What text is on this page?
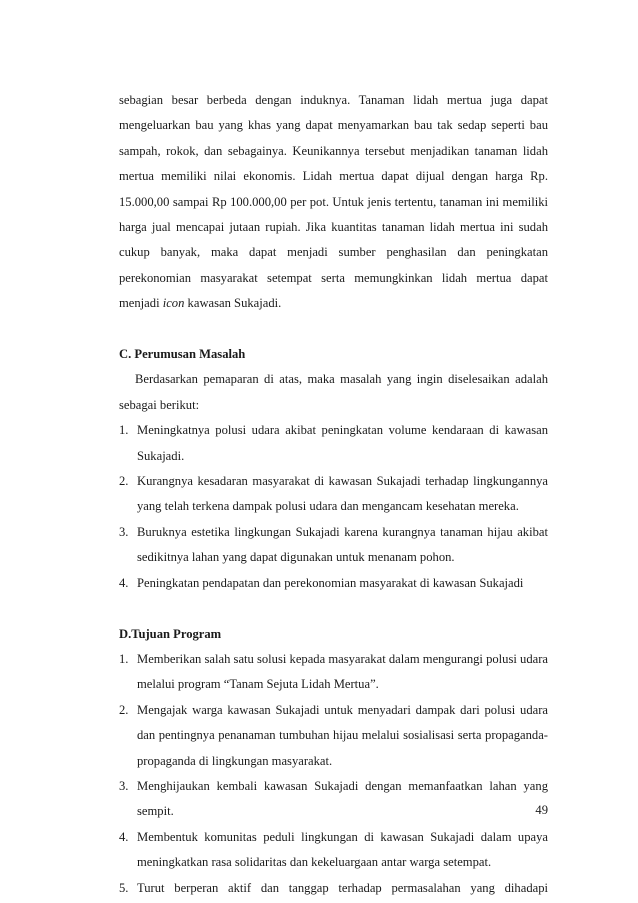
sebagian besar berbeda dengan induknya. Tanaman lidah mertua juga dapat mengeluarkan bau yang khas yang dapat menyamarkan bau tak sedap seperti bau sampah, rokok, dan sebagainya. Keunikannya tersebut menjadikan tanaman lidah mertua memiliki nilai ekonomis. Lidah mertua dapat dijual dengan harga Rp. 15.000,00 sampai Rp 100.000,00 per pot. Untuk jenis tertentu, tanaman ini memiliki harga jual mencapai jutaan rupiah. Jika kuantitas tanaman lidah mertua ini sudah cukup banyak, maka dapat menjadi sumber penghasilan dan peningkatan perekonomian masyarakat setempat serta memungkinkan lidah mertua dapat menjadi icon kawasan Sukajadi.

C. Perumusan Masalah

Berdasarkan pemaparan di atas, maka masalah yang ingin diselesaikan adalah sebagai berikut:

1. Meningkatnya polusi udara akibat peningkatan volume kendaraan di kawasan Sukajadi.
2. Kurangnya kesadaran masyarakat di kawasan Sukajadi terhadap lingkungannya yang telah terkena dampak polusi udara dan mengancam kesehatan mereka.
3. Buruknya estetika lingkungan Sukajadi karena kurangnya tanaman hijau akibat sedikitnya lahan yang dapat digunakan untuk menanam pohon.
4. Peningkatan pendapatan dan perekonomian masyarakat di kawasan Sukajadi

D.Tujuan Program

1. Memberikan salah satu solusi kepada masyarakat dalam mengurangi polusi udara melalui program “Tanam Sejuta Lidah Mertua”.
2. Mengajak warga kawasan Sukajadi untuk menyadari dampak dari polusi udara dan pentingnya penanaman tumbuhan hijau melalui sosialisasi serta propaganda-propaganda di lingkungan masyarakat.
3. Menghijaukan kembali kawasan Sukajadi dengan memanfaatkan lahan yang sempit.
4. Membentuk komunitas peduli lingkungan di kawasan Sukajadi dalam upaya meningkatkan rasa solidaritas dan kekeluargaan antar warga setempat.
5. Turut berperan aktif dan tanggap terhadap permasalahan yang dihadapi
49
